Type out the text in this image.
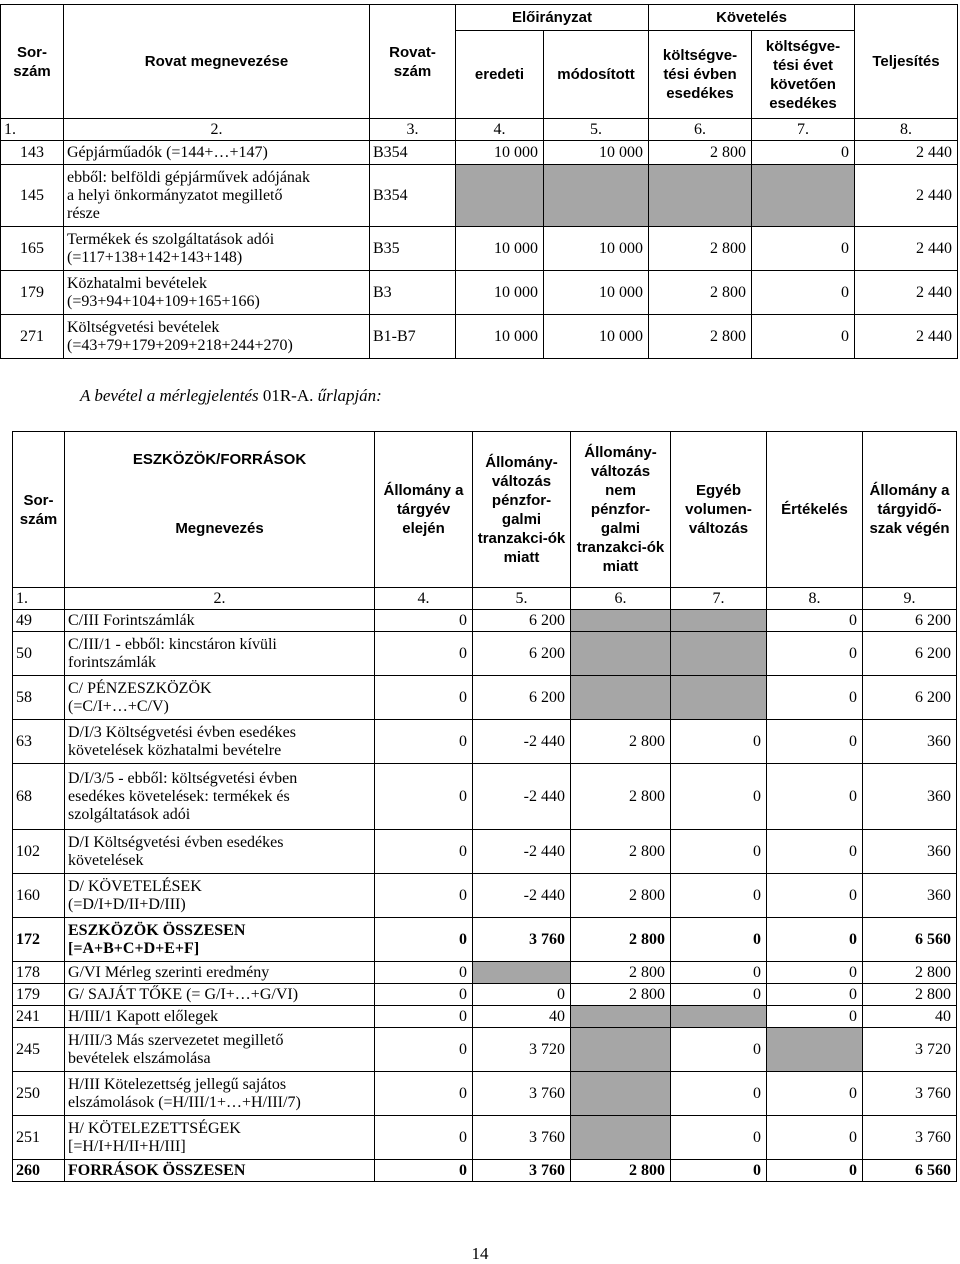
Sor-szám	Rovat megnevezése	Rovat-szám	Előirányzat		Követelés		Teljesítés
			eredeti	módosított	költségve-tési évben esedékes	költségve-tési évet követően esedékes	
1.	2.	3.	4.	5.	6.	7.	8.
143	Gépjárműadók (=144+…+147)	B354	10 000	10 000	2 800	0	2 440
145	ebből: belföldi gépjárművek adójának
a helyi önkormányzatot megillető
része	B354					2 440
165	Termékek és szolgáltatások adói
(=117+138+142+143+148)	B35	10 000	10 000	2 800	0	2 440
179	Közhatalmi bevételek
(=93+94+104+109+165+166)	B3	10 000	10 000	2 800	0	2 440
271	Költségvetési bevételek
(=43+79+179+209+218+244+270)	B1-B7	10 000	10 000	2 800	0	2 440
A bevétel a mérlegjelentés 01R-A. űrlapján:
Sor-szám	ESZKÖZÖK/FORRÁSOK
Megnevezés	Állomány a tárgyév elején	Állomány-változás pénzfor-galmi tranzakci-ók miatt	Állomány-változás nem pénzfor-galmi tranzakci-ók miatt	Egyéb volumen-változás	Értékelés	Állomány a tárgyidő-szak végén
1.	2.	4.	5.	6.	7.	8.	9.
49	C/III Forintszámlák	0	6 200			0	6 200
50	C/III/1 - ebből: kincstáron kívüli
forintszámlák	0	6 200			0	6 200
58	C/ PÉNZESZKÖZÖK
(=C/I+…+C/V)	0	6 200			0	6 200
63	D/I/3 Költségvetési évben esedékes
követelések közhatalmi bevételre	0	-2 440	2 800	0	0	360
68	D/I/3/5 - ebből: költségvetési évben
esedékes követelések: termékek és
szolgáltatások adói	0	-2 440	2 800	0	0	360
102	D/I Költségvetési évben esedékes
követelések	0	-2 440	2 800	0	0	360
160	D/ KÖVETELÉSEK
(=D/I+D/II+D/III)	0	-2 440	2 800	0	0	360
172	ESZKÖZÖK ÖSSZESEN
[=A+B+C+D+E+F]	0	3 760	2 800	0	0	6 560
178	G/VI Mérleg szerinti eredmény	0		2 800	0	0	2 800
179	G/ SAJÁT TŐKE (= G/I+…+G/VI)	0	0	2 800	0	0	2 800
241	H/III/1 Kapott előlegek	0	40			0	40
245	H/III/3 Más szervezetet megillető
bevételek elszámolása	0	3 720		0		3 720
250	H/III Kötelezettség jellegű sajátos
elszámolások (=H/III/1+…+H/III/7)	0	3 760		0	0	3 760
251	H/ KÖTELEZETTSÉGEK
[=H/I+H/II+H/III]	0	3 760		0	0	3 760
260	FORRÁSOK ÖSSZESEN	0	3 760	2 800	0	0	6 560
14
